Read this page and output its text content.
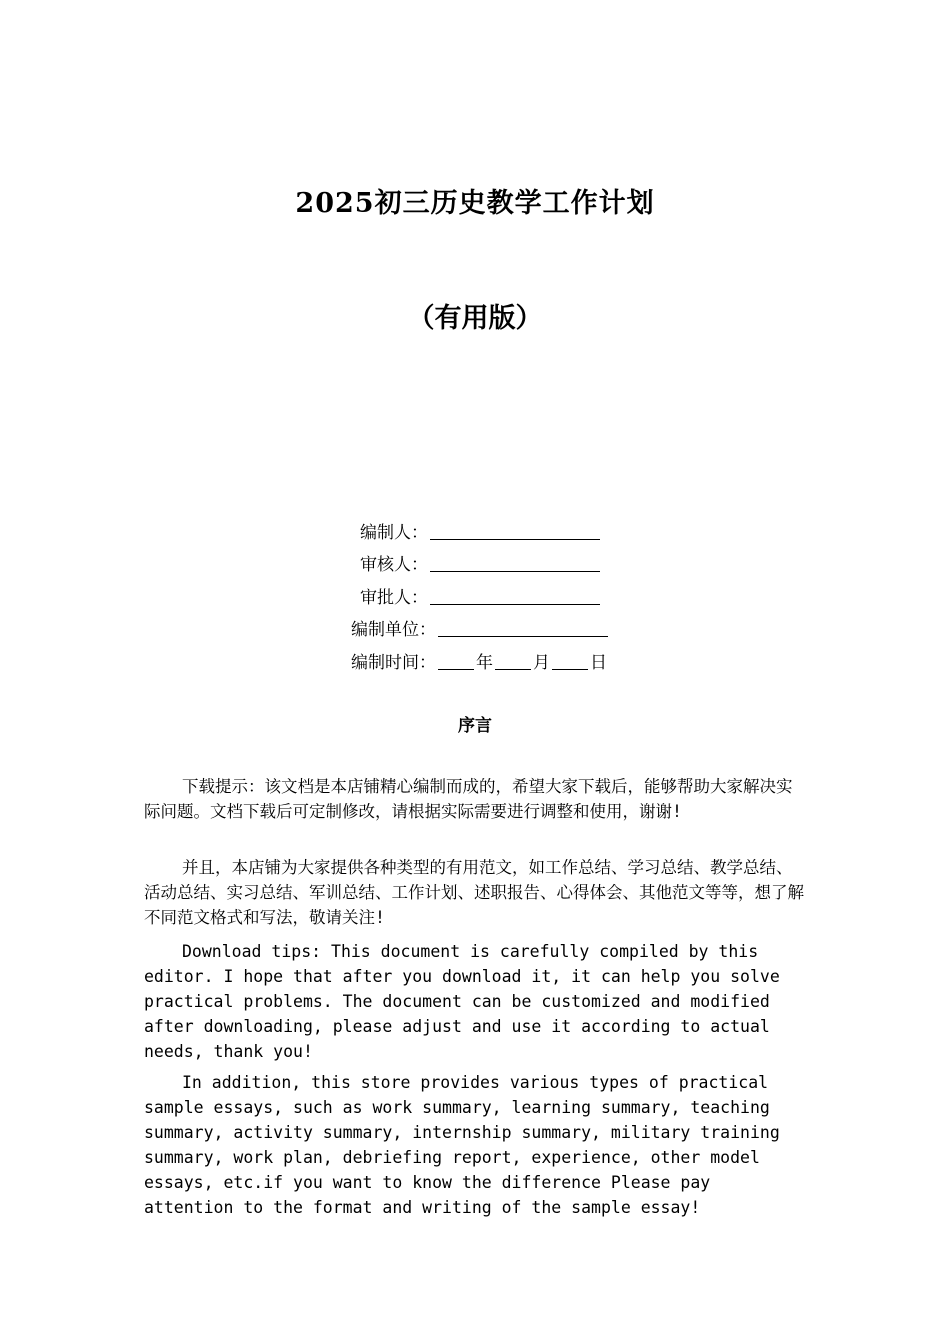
2025初三历史教学工作计划
（有用版）
编制人：
审核人：
审批人：
编制单位：
编制时间： 年 月 日
序言

下载提示：该文档是本店铺精心编制而成的，希望大家下载后，能够帮助大家解决实际问题。文档下载后可定制修改，请根据实际需要进行调整和使用，谢谢!

并且，本店铺为大家提供各种类型的有用范文，如工作总结、学习总结、教学总结、活动总结、实习总结、军训总结、工作计划、述职报告、心得体会、其他范文等等，想了解不同范文格式和写法，敬请关注!

Download tips: This document is carefully compiled by this editor. I hope that after you download it, it can help you solve practical problems. The document can be customized and modified after downloading, please adjust and use it according to actual needs, thank you!

In addition, this store provides various types of practical sample essays, such as work summary, learning summary, teaching summary, activity summary, internship summary, military training summary, work plan, debriefing report, experience, other model essays, etc.if you want to know the difference Please pay attention to the format and writing of the sample essay!
